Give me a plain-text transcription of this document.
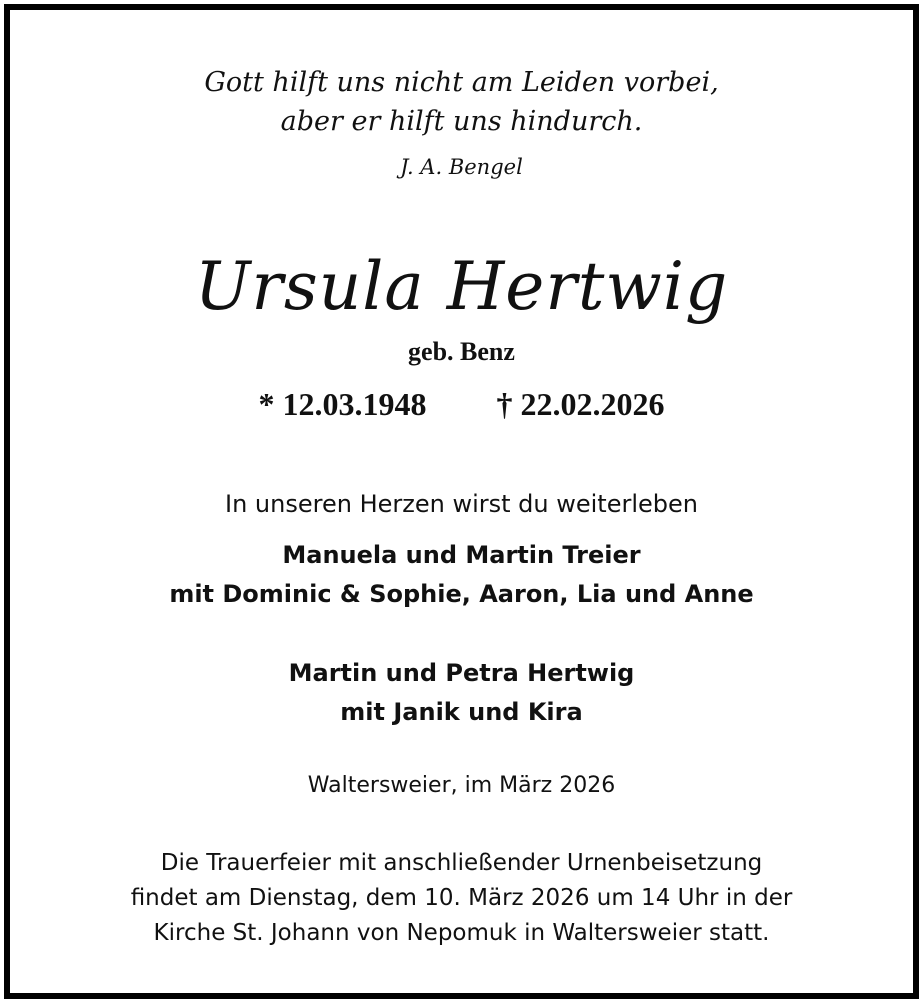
Gott hilft uns nicht am Leiden vorbei,
aber er hilft uns hindurch.
J. A. Bengel
Ursula Hertwig
geb. Benz
* 12.03.1948 † 22.02.2026
In unseren Herzen wirst du weiterleben
Manuela und Martin Treier
mit Dominic & Sophie, Aaron, Lia und Anne
Martin und Petra Hertwig
mit Janik und Kira
Waltersweier, im März 2026
Die Trauerfeier mit anschließender Urnenbeisetzung
findet am Dienstag, dem 10. März 2026 um 14 Uhr in der
Kirche St. Johann von Nepomuk in Waltersweier statt.
